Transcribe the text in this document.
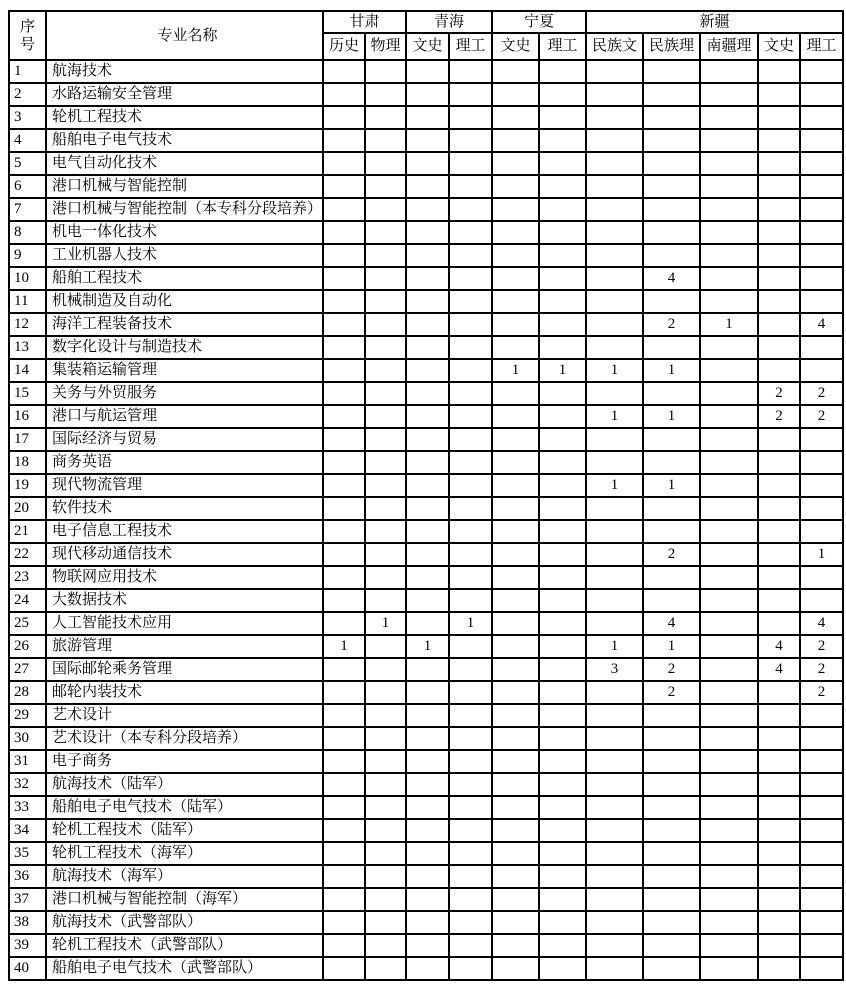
序
号	专业名称	甘肃		青海		宁夏		新疆				
		历史	物理	文史	理工	文史	理工	民族文	民族理	南疆理	文史	理工
1	航海技术											
2	水路运输安全管理											
3	轮机工程技术											
4	船舶电子电气技术											
5	电气自动化技术											
6	港口机械与智能控制											
7	港口机械与智能控制（本专科分段培养）											
8	机电一体化技术											
9	工业机器人技术											
10	船舶工程技术								4			
11	机械制造及自动化											
12	海洋工程装备技术								2	1		4
13	数字化设计与制造技术											
14	集装箱运输管理					1	1	1	1			
15	关务与外贸服务										2	2
16	港口与航运管理							1	1		2	2
17	国际经济与贸易											
18	商务英语											
19	现代物流管理							1	1			
20	软件技术											
21	电子信息工程技术											
22	现代移动通信技术								2			1
23	物联网应用技术											
24	大数据技术											
25	人工智能技术应用		1		1				4			4
26	旅游管理	1		1				1	1		4	2
27	国际邮轮乘务管理							3	2		4	2
28	邮轮内装技术								2			2
29	艺术设计											
30	艺术设计（本专科分段培养）											
31	电子商务											
32	航海技术（陆军）											
33	船舶电子电气技术（陆军）											
34	轮机工程技术（陆军）											
35	轮机工程技术（海军）											
36	航海技术（海军）											
37	港口机械与智能控制（海军）											
38	航海技术（武警部队）											
39	轮机工程技术（武警部队）											
40	船舶电子电气技术（武警部队）											
